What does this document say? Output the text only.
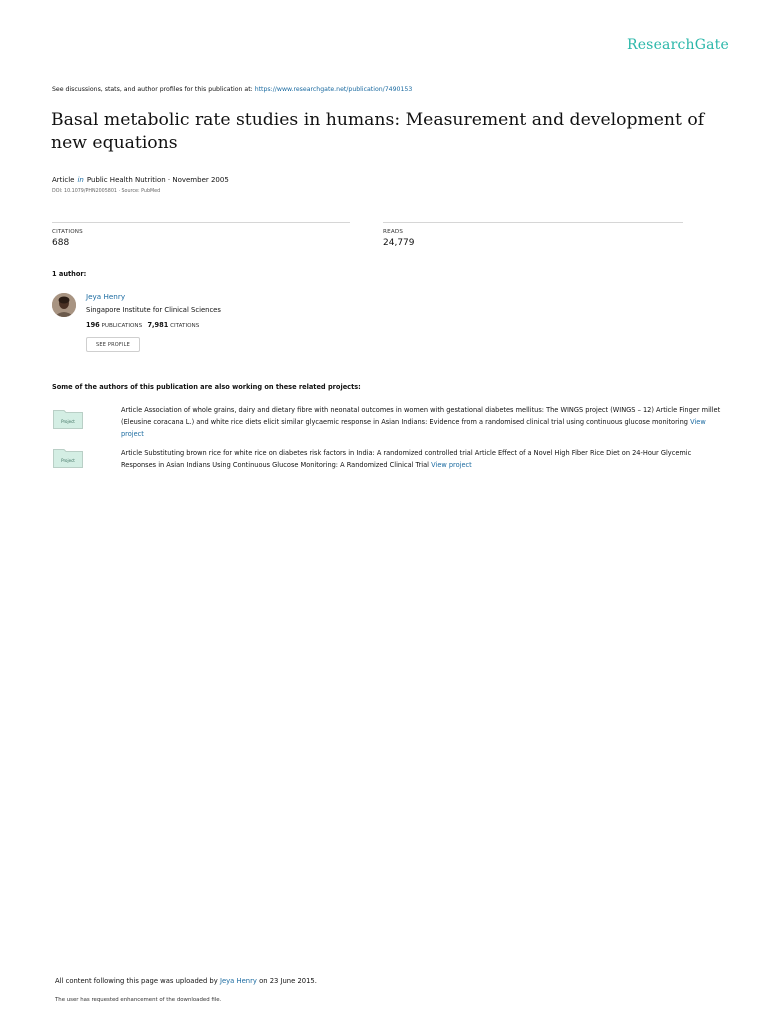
ResearchGate
See discussions, stats, and author profiles for this publication at: https://www.researchgate.net/publication/7490153
Basal metabolic rate studies in humans: Measurement and development of new equations
Article in Public Health Nutrition · November 2005
DOI: 10.1079/PHN2005801 · Source: PubMed
CITATIONS
688
READS
24,779
1 author:
Jeya Henry
Singapore Institute for Clinical Sciences
196 PUBLICATIONS 7,981 CITATIONS
SEE PROFILE
Some of the authors of this publication are also working on these related projects:
Project
Article Association of whole grains, dairy and dietary fibre with neonatal outcomes in women with gestational diabetes mellitus: The WINGS project (WINGS – 12) Article Finger millet (Eleusine coracana L.) and white rice diets elicit similar glycaemic response in Asian Indians: Evidence from a randomised clinical trial using continuous glucose monitoring View project
Project
Article Substituting brown rice for white rice on diabetes risk factors in India: A randomized controlled trial Article Effect of a Novel High Fiber Rice Diet on 24-Hour Glycemic Responses in Asian Indians Using Continuous Glucose Monitoring: A Randomized Clinical Trial View project
All content following this page was uploaded by Jeya Henry on 23 June 2015.
The user has requested enhancement of the downloaded file.
